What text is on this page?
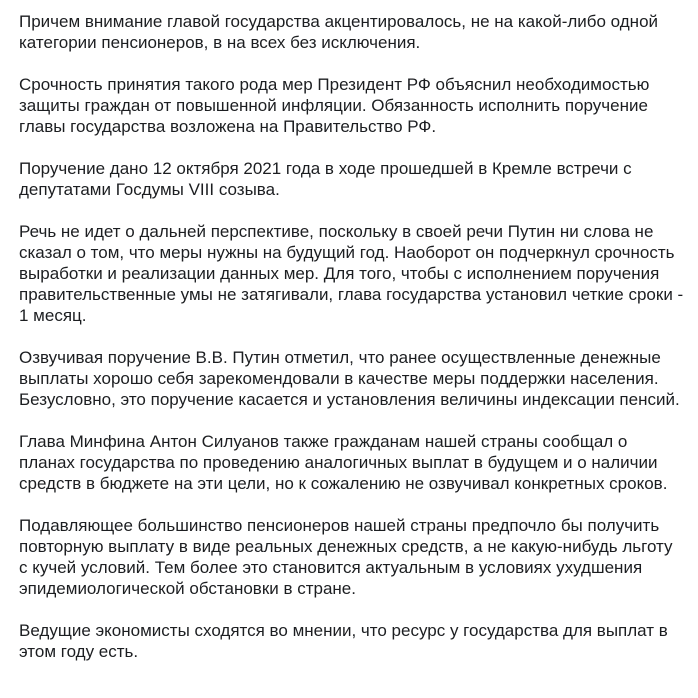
Причем внимание главой государства акцентировалось, не на какой-либо одной категории пенсионеров, в на всех без исключения.

Срочность принятия такого рода мер Президент РФ объяснил необходимостью защиты граждан от повышенной инфляции. Обязанность исполнить поручение главы государства возложена на Правительство РФ.

Поручение дано 12 октября 2021 года в ходе прошедшей в Кремле встречи с депутатами Госдумы VIII созыва.

Речь не идет о дальней перспективе, поскольку в своей речи Путин ни слова не сказал о том, что меры нужны на будущий год. Наоборот он подчеркнул срочность выработки и реализации данных мер. Для того, чтобы с исполнением поручения правительственные умы не затягивали, глава государства установил четкие сроки - 1 месяц.

Озвучивая поручение В.В. Путин отметил, что ранее осуществленные денежные выплаты хорошо себя зарекомендовали в качестве меры поддержки населения. Безусловно, это поручение касается и установления величины индексации пенсий.

Глава Минфина Антон Силуанов также гражданам нашей страны сообщал о планах государства по проведению аналогичных выплат в будущем и о наличии средств в бюджете на эти цели, но к сожалению не озвучивал конкретных сроков.

Подавляющее большинство пенсионеров нашей страны предпочло бы получить повторную выплату в виде реальных денежных средств, а не какую-нибудь льготу с кучей условий. Тем более это становится актуальным в условиях ухудшения эпидемиологической обстановки в стране.

Ведущие экономисты сходятся во мнении, что ресурс у государства для выплат в этом году есть.
